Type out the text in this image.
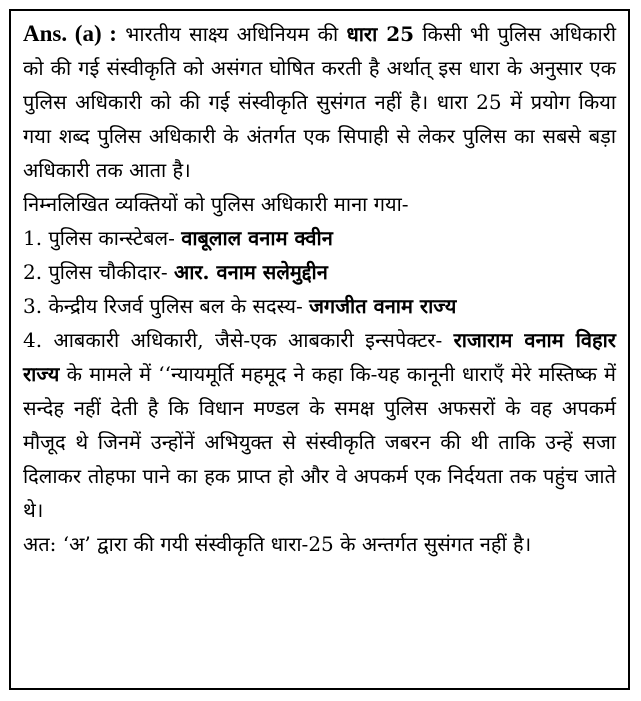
Ans. (a) : भारतीय साक्ष्य अधिनियम की धारा 25 किसी भी पुलिस अधिकारी को की गई संस्वीकृति को असंगत घोषित करती है अर्थात् इस धारा के अनुसार एक पुलिस अधिकारी को की गई संस्वीकृति सुसंगत नहीं है। धारा 25 में प्रयोग किया गया शब्द पुलिस अधिकारी के अंतर्गत एक सिपाही से लेकर पुलिस का सबसे बड़ा अधिकारी तक आता है।

निम्नलिखित व्यक्तियों को पुलिस अधिकारी माना गया-

1. पुलिस कान्स्टेबल- वाबूलाल वनाम क्वीन

2. पुलिस चौकीदार- आर. वनाम सलेमुद्दीन

3. केन्द्रीय रिजर्व पुलिस बल के सदस्य- जगजीत वनाम राज्य

4. आबकारी अधिकारी, जैसे-एक आबकारी इन्सपेक्टर- राजाराम वनाम विहार राज्य के मामले में ‘‘न्यायमूर्ति महमूद ने कहा कि-यह कानूनी धाराएँ मेरे मस्तिष्क में सन्देह नहीं देती है कि विधान मण्डल के समक्ष पुलिस अफसरों के वह अपकर्म मौजूद थे जिनमें उन्होंनें अभियुक्त से संस्वीकृति जबरन की थी ताकि उन्हें सजा दिलाकर तोहफा पाने का हक प्राप्त हो और वे अपकर्म एक निर्दयता तक पहुंच जाते थे।

अत: ‘अ’ द्वारा की गयी संस्वीकृति धारा-25 के अन्तर्गत सुसंगत नहीं है।
